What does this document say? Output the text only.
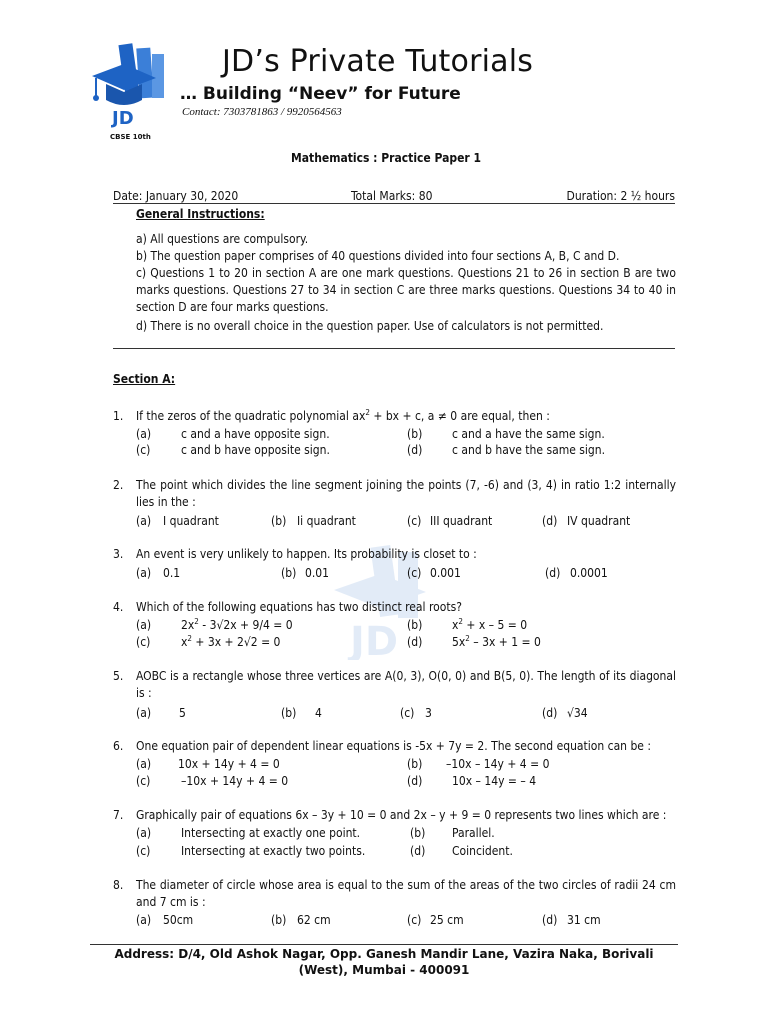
JD
CBSE 10th
JD’s Private Tutorials
… Building “Neev” for Future
Contact: 7303781863 / 9920564563
JD
Mathematics : Practice Paper 1
Date: January 30, 2020	Total Marks: 80	Duration: 2 ½ hours
General Instructions:
a) All questions are compulsory.
b) The question paper comprises of 40 questions divided into four sections A, B, C and D.
c) Questions 1 to 20 in section A are one mark questions. Questions 21 to 26 in section B are two marks questions. Questions 27 to 34 in section C are three marks questions. Questions 34 to 40 in section D are four marks questions.
d) There is no overall choice in the question paper. Use of calculators is not permitted.
Section A:
1. If the zeros of the quadratic polynomial $ax^2$ + bx + c, a ≠ 0 are equal, then :
(a) c and a have opposite sign.	(b) c and a have the same sign.
(c)	c and b have opposite sign.	(d) c and b have the same sign.
2. The point which divides the line segment joining the points (7, -6) and (3, 4) in ratio 1:2 internally lies in the :
(a) I quadrant	(b) Ii quadrant	(c) III quadrant	(d) IV quadrant
3. An event is very unlikely to happen. Its probability is closet to :
(a) 0.1	(b) 0.01	(c) 0.001	(d) 0.0001
4. Which of the following equations has two distinct real roots?
(a) $2x^2 - 3√2x + 9/4 = 0$	(b) $x^2 + x - 5 = 0$
(c)	$x^2 + 3x + 2√2 = 0$	(d) $5x^2 - 3x + 1 = 0$
5. AOBC is a rectangle whose three vertices are A(0, 3), O(0, 0) and B(5, 0). The length of its diagonal is :
(a) 5	(b) 4	(c) 3	(d) √34
6. One equation pair of dependent linear equations is -5x + 7y = 2. The second equation can be :
(a) 10x + 14y + 4 = 0	(b) –10x – 14y + 4 = 0
(c)	–10x + 14y + 4 = 0	(d) 10x – 14y = – 4
7. Graphically pair of equations 6x – 3y + 10 = 0 and 2x – y + 9 = 0 represents two lines which are :
(a) Intersecting at exactly one point.	(b) Parallel.
(c)	Intersecting at exactly two points.	(d) Coincident.
8. The diameter of circle whose area is equal to the sum of the areas of the two circles of radii 24 cm and 7 cm is :
(a) 50cm	(b) 62 cm	(c) 25 cm	(d) 31 cm
Address: D/4, Old Ashok Nagar, Opp. Ganesh Mandir Lane, Vazira Naka, Borivali
(West), Mumbai - 400091
